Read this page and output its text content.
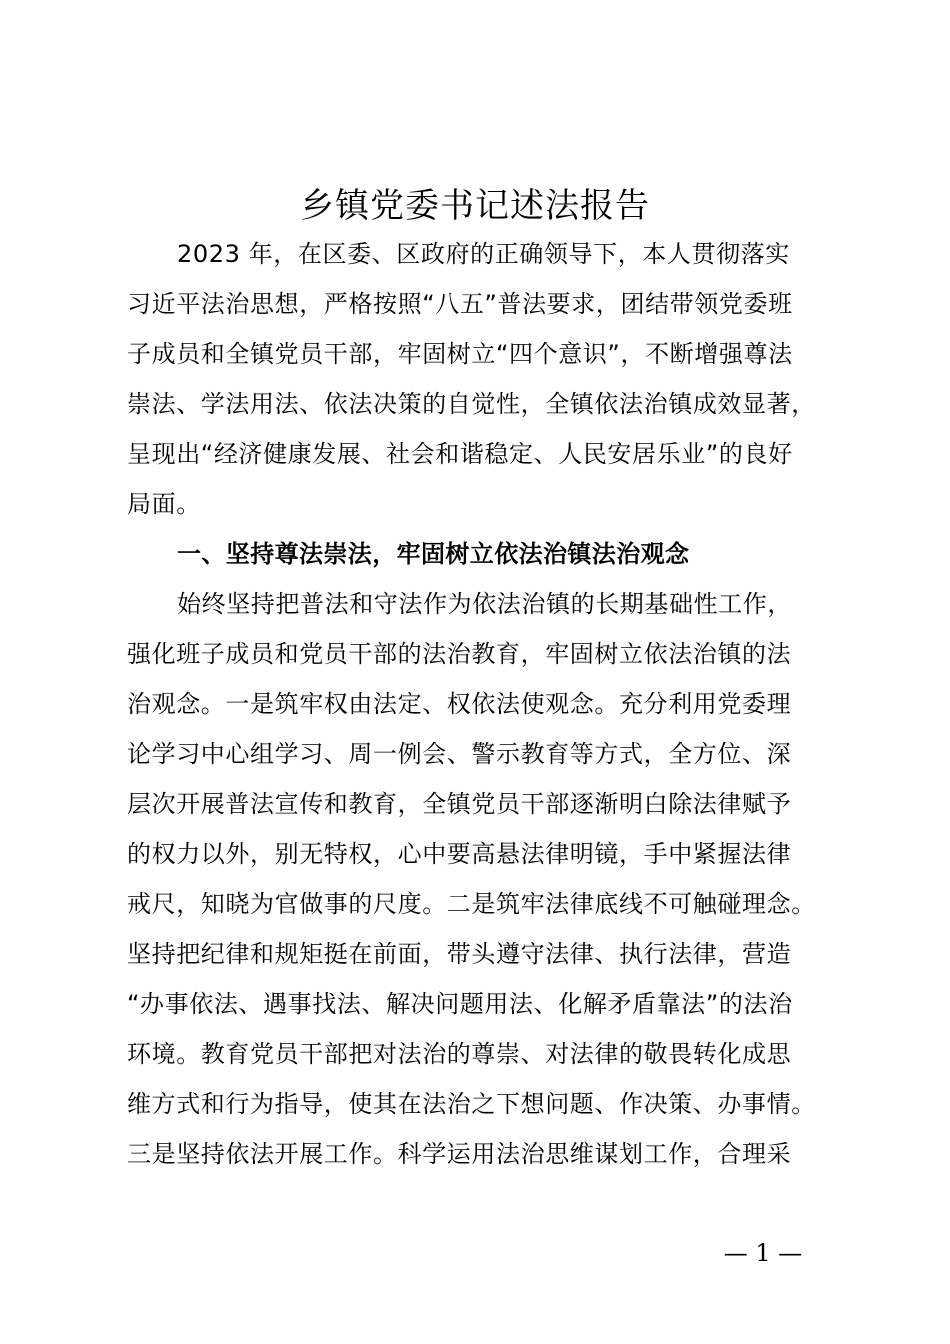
乡镇党委书记述法报告
2023 年，在区委、区政府的正确领导下，本人贯彻落实
习近平法治思想，严格按照“八五”普法要求，团结带领党委班
子成员和全镇党员干部，牢固树立“四个意识”，不断增强尊法
崇法、学法用法、依法决策的自觉性，全镇依法治镇成效显著，
呈现出“经济健康发展、社会和谐稳定、人民安居乐业”的良好
局面。
一、坚持尊法崇法，牢固树立依法治镇法治观念
始终坚持把普法和守法作为依法治镇的长期基础性工作，
强化班子成员和党员干部的法治教育，牢固树立依法治镇的法
治观念。一是筑牢权由法定、权依法使观念。充分利用党委理
论学习中心组学习、周一例会、警示教育等方式，全方位、深
层次开展普法宣传和教育，全镇党员干部逐渐明白除法律赋予
的权力以外，别无特权，心中要高悬法律明镜，手中紧握法律
戒尺，知晓为官做事的尺度。二是筑牢法律底线不可触碰理念。
坚持把纪律和规矩挺在前面，带头遵守法律、执行法律，营造
“办事依法、遇事找法、解决问题用法、化解矛盾靠法”的法治
环境。教育党员干部把对法治的尊崇、对法律的敬畏转化成思
维方式和行为指导，使其在法治之下想问题、作决策、办事情。
三是坚持依法开展工作。科学运用法治思维谋划工作，合理采
— 1 —
